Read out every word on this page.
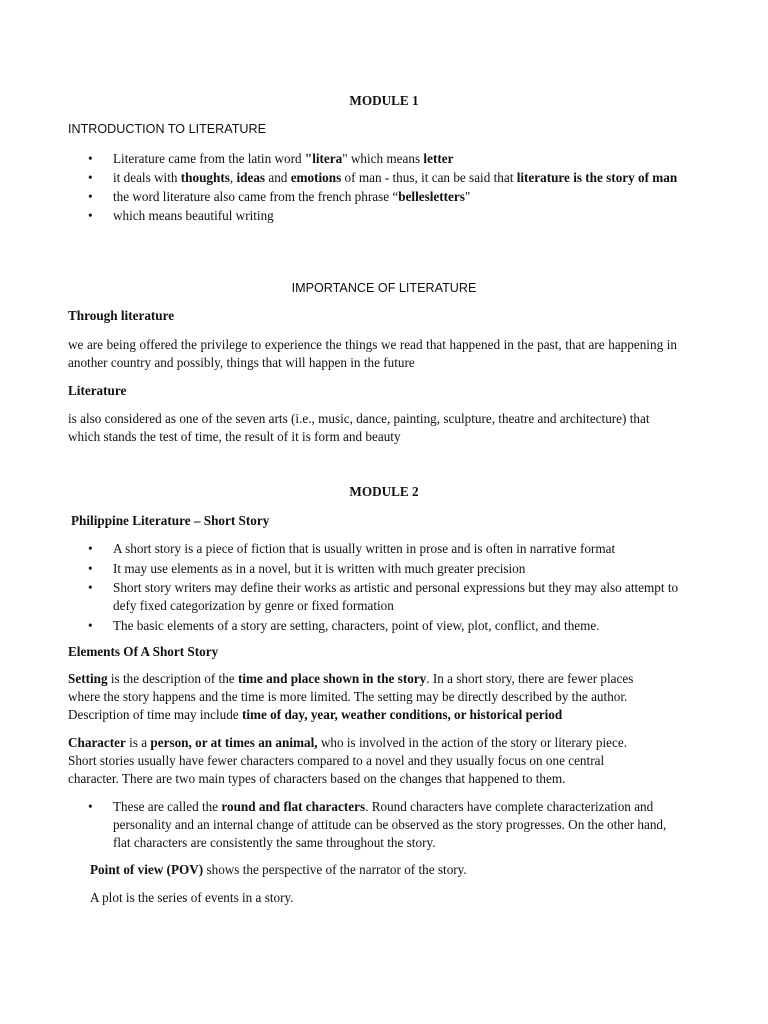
MODULE 1
INTRODUCTION TO LITERATURE
• Literature came from the latin word "litera" which means letter
• it deals with thoughts, ideas and emotions of man - thus, it can be said that literature is the story of man
• the word literature also came from the french phrase “bellesletters"
• which means beautiful writing
IMPORTANCE OF LITERATURE
Through literature

we are being offered the privilege to experience the things we read that happened in the past, that are happening in another country and possibly, things that will happen in the future

Literature

is also considered as one of the seven arts (i.e., music, dance, painting, sculpture, theatre and architecture) that which stands the test of time, the result of it is form and beauty

MODULE 2
Philippine Literature – Short Story
• A short story is a piece of fiction that is usually written in prose and is often in narrative format
• It may use elements as in a novel, but it is written with much greater precision
• Short story writers may define their works as artistic and personal expressions but they may also attempt to defy fixed categorization by genre or fixed formation
• The basic elements of a story are setting, characters, point of view, plot, conflict, and theme.
Elements Of A Short Story

Setting is the description of the time and place shown in the story. In a short story, there are fewer places where the story happens and the time is more limited. The setting may be directly described by the author. Description of time may include time of day, year, weather conditions, or historical period

Character is a person, or at times an animal, who is involved in the action of the story or literary piece. Short stories usually have fewer characters compared to a novel and they usually focus on one central character. There are two main types of characters based on the changes that happened to them.

• These are called the round and flat characters. Round characters have complete characterization and personality and an internal change of attitude can be observed as the story progresses. On the other hand, flat characters are consistently the same throughout the story.

Point of view (POV) shows the perspective of the narrator of the story.

A plot is the series of events in a story.
